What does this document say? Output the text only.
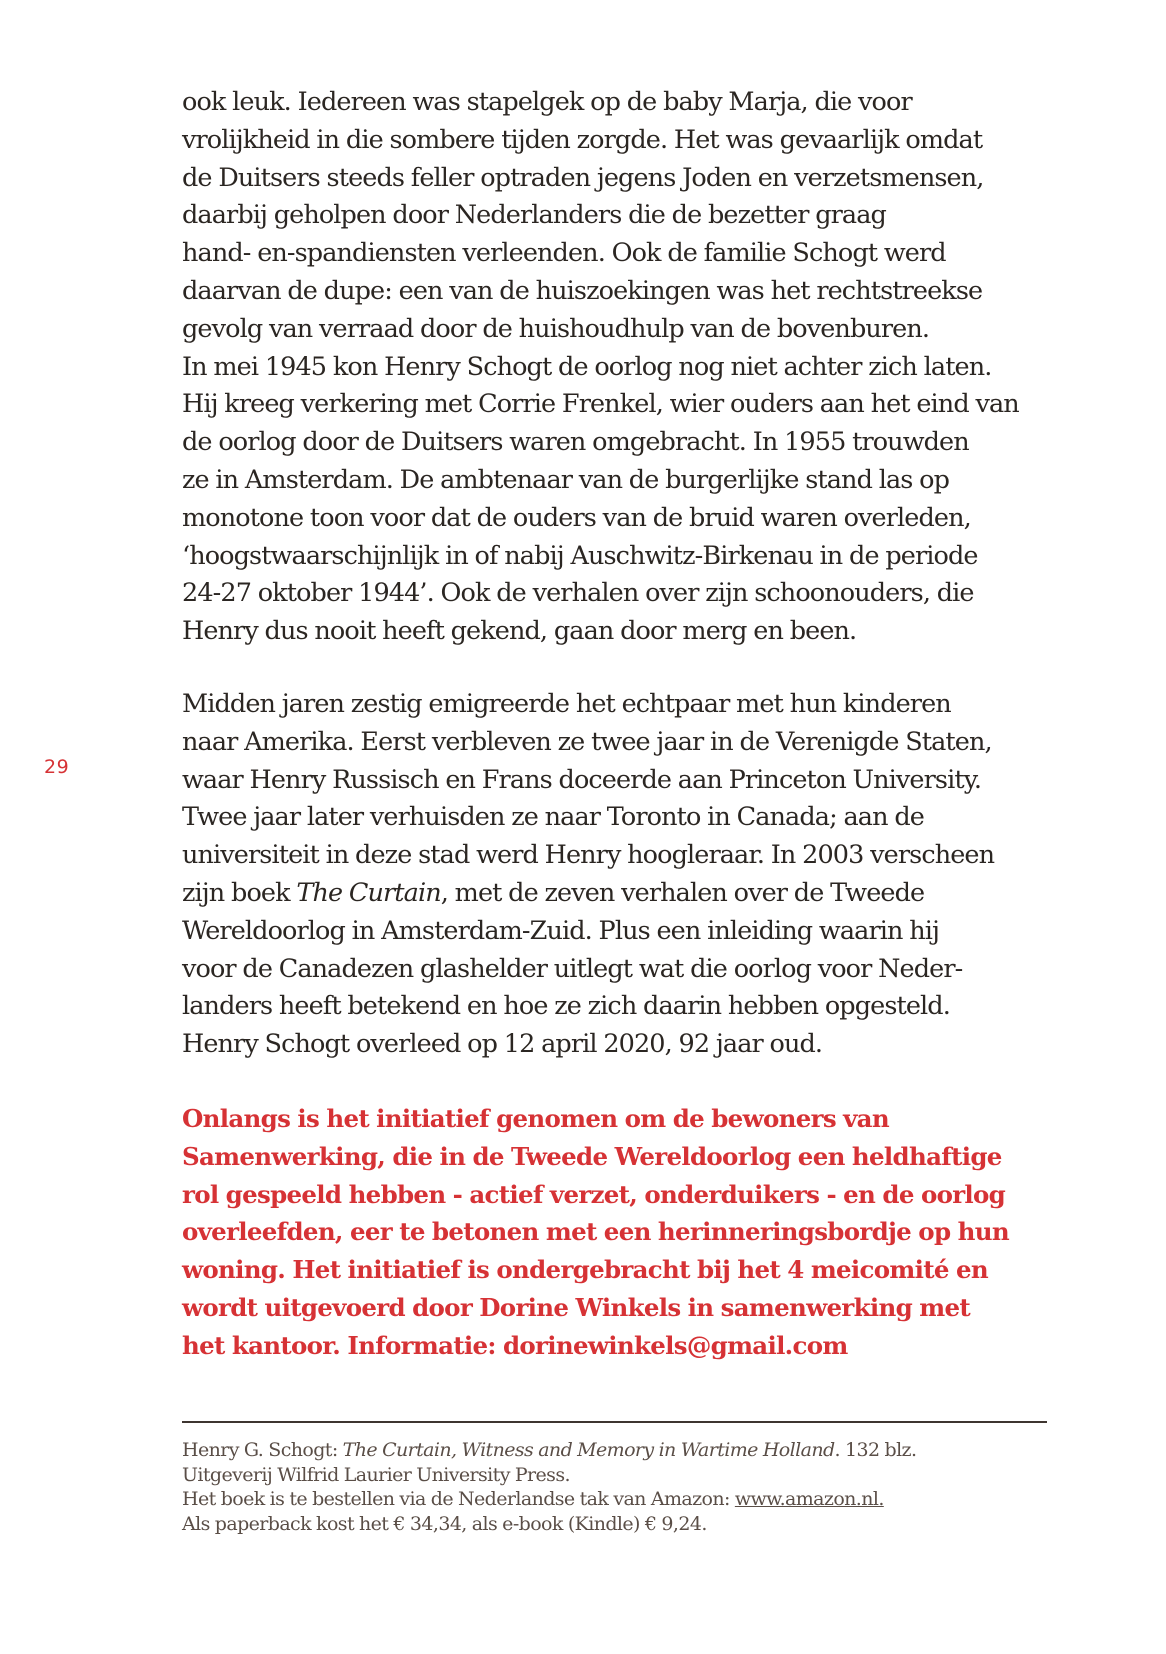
29
ook leuk. Iedereen was stapelgek op de baby Marja, die voor
vrolijkheid in die sombere tijden zorgde. Het was gevaarlijk omdat
de Duitsers steeds feller optraden jegens Joden en verzetsmensen,
daarbij geholpen door Nederlanders die de bezetter graag
hand- en-spandiensten verleenden. Ook de familie Schogt werd
daarvan de dupe: een van de huiszoekingen was het rechtstreekse
gevolg van verraad door de huishoudhulp van de bovenburen.
In mei 1945 kon Henry Schogt de oorlog nog niet achter zich laten.
Hij kreeg verkering met Corrie Frenkel, wier ouders aan het eind van
de oorlog door de Duitsers waren omgebracht. In 1955 trouwden
ze in Amsterdam. De ambtenaar van de burgerlijke stand las op
monotone toon voor dat de ouders van de bruid waren overleden,
‘hoogstwaarschijnlijk in of nabij Auschwitz-Birkenau in de periode
24-27 oktober 1944’. Ook de verhalen over zijn schoonouders, die
Henry dus nooit heeft gekend, gaan door merg en been.
Midden jaren zestig emigreerde het echtpaar met hun kinderen
naar Amerika. Eerst verbleven ze twee jaar in de Verenigde Staten,
waar Henry Russisch en Frans doceerde aan Princeton University.
Twee jaar later verhuisden ze naar Toronto in Canada; aan de
universiteit in deze stad werd Henry hoogleraar. In 2003 verscheen
zijn boek The Curtain, met de zeven verhalen over de Tweede
Wereldoorlog in Amsterdam-Zuid. Plus een inleiding waarin hij
voor de Canadezen glashelder uitlegt wat die oorlog voor Neder-
landers heeft betekend en hoe ze zich daarin hebben opgesteld.
Henry Schogt overleed op 12 april 2020, 92 jaar oud.
Onlangs is het initiatief genomen om de bewoners van
Samenwerking, die in de Tweede Wereldoorlog een heldhaftige
rol gespeeld hebben - actief verzet, onderduikers - en de oorlog
overleefden, eer te betonen met een herinneringsbordje op hun
woning. Het initiatief is ondergebracht bij het 4 meicomité en
wordt uitgevoerd door Dorine Winkels in samenwerking met
het kantoor. Informatie: dorinewinkels@gmail.com
Henry G. Schogt: The Curtain, Witness and Memory in Wartime Holland. 132 blz.
Uitgeverij Wilfrid Laurier University Press.
Het boek is te bestellen via de Nederlandse tak van Amazon: www.amazon.nl.
Als paperback kost het € 34,34, als e-book (Kindle) € 9,24.
